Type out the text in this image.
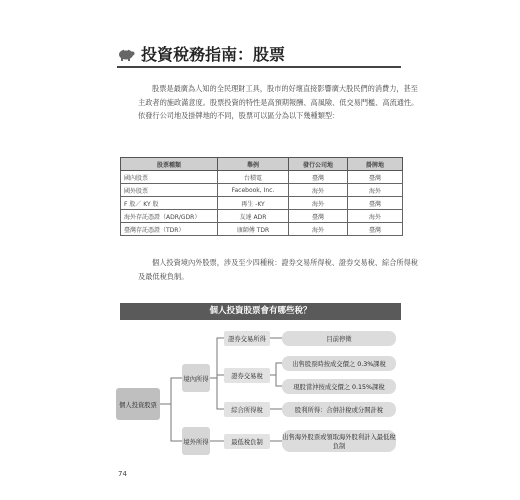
投資稅務指南：股票
股票是最廣為人知的全民理財工具，股市的好壞直接影響廣大股民們的消費力，甚至主政者的施政滿意度。股票投資的特性是高預期報酬、高風險、低交易門檻、高流通性。依發行公司地及掛牌地的不同，股票可以區分為以下幾種類型：
股票種類	舉例	發行公司地	掛牌地
國內股票	台積電	臺灣	臺灣
國外股票	Facebook, Inc.	海外	海外
F 股／ KY 股	再生 -KY	海外	臺灣
海外存託憑證（ADR/GDR）	友達 ADR	臺灣	海外
臺灣存託憑證（TDR）	康師傅 TDR	海外	臺灣
個人投資境內外股票，涉及至少四種稅：證券交易所得稅、證券交易稅、綜合所得稅及最低稅負制。
個人投資股票會有哪些稅？
個人投資股票
境內所得
境外所得
證券交易所得
證券交易稅
綜合所得稅
最低稅負制
目前停徵
出售股票時按成交價之 0.3%課稅
現股當沖按成交價之 0.15%課稅
股利所得：合併計稅或分開計稅
出售海外股票或領取海外股利計入最低稅負制
74
